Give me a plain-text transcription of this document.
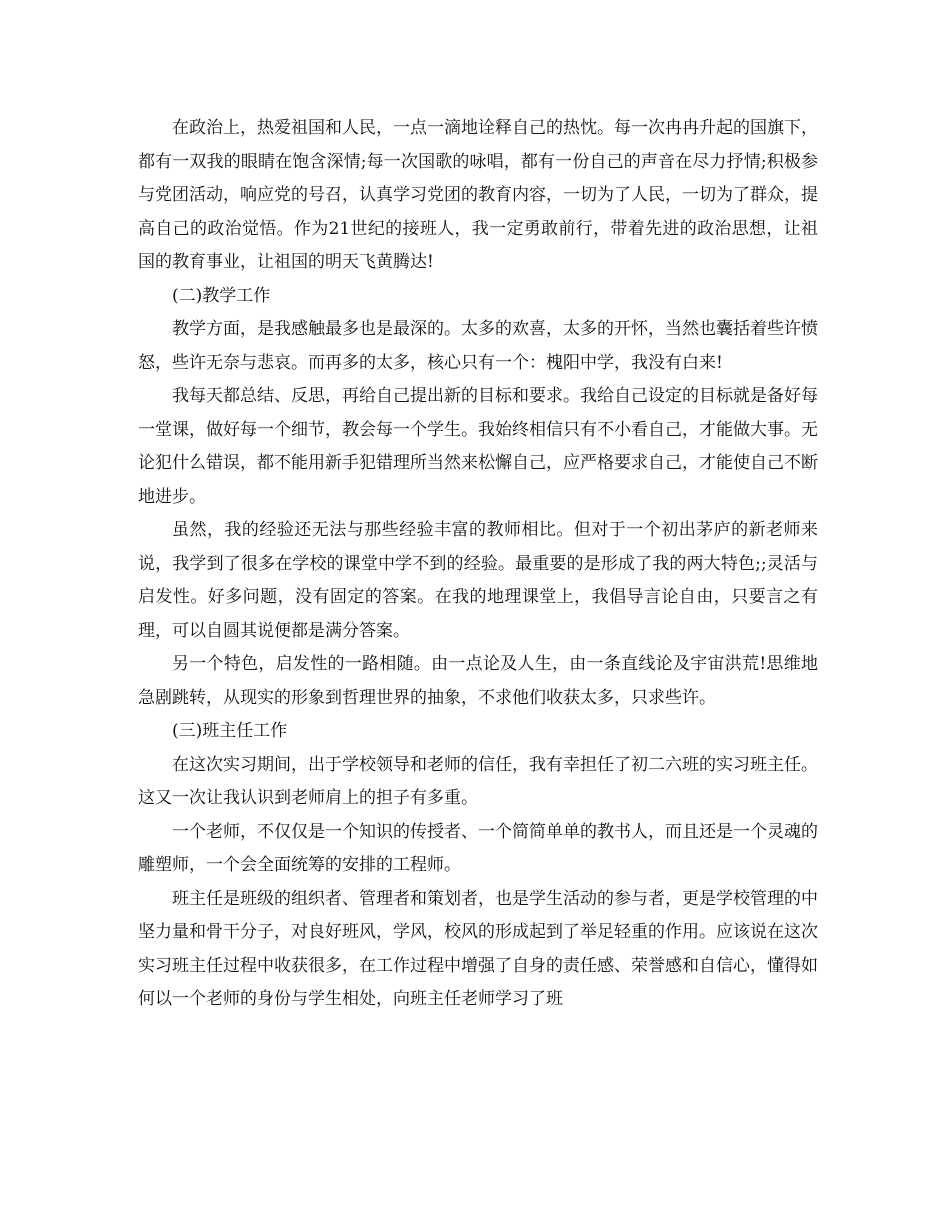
在政治上，热爱祖国和人民，一点一滴地诠释自己的热忱。每一次冉冉升起的国旗下，都有一双我的眼睛在饱含深情;每一次国歌的咏唱，都有一份自己的声音在尽力抒情;积极参与党团活动，响应党的号召，认真学习党团的教育内容，一切为了人民，一切为了群众，提高自己的政治觉悟。作为21世纪的接班人，我一定勇敢前行，带着先进的政治思想，让祖国的教育事业，让祖国的明天飞黄腾达!

(二)教学工作

教学方面，是我感触最多也是最深的。太多的欢喜，太多的开怀，当然也囊括着些许愤怒，些许无奈与悲哀。而再多的太多，核心只有一个：槐阳中学，我没有白来!

我每天都总结、反思，再给自己提出新的目标和要求。我给自己设定的目标就是备好每一堂课，做好每一个细节，教会每一个学生。我始终相信只有不小看自己，才能做大事。无论犯什么错误，都不能用新手犯错理所当然来松懈自己，应严格要求自己，才能使自己不断地进步。

虽然，我的经验还无法与那些经验丰富的教师相比。但对于一个初出茅庐的新老师来说，我学到了很多在学校的课堂中学不到的经验。最重要的是形成了我的两大特色;;灵活与启发性。好多问题，没有固定的答案。在我的地理课堂上，我倡导言论自由，只要言之有理，可以自圆其说便都是满分答案。

另一个特色，启发性的一路相随。由一点论及人生，由一条直线论及宇宙洪荒!思维地急剧跳转，从现实的形象到哲理世界的抽象，不求他们收获太多，只求些许。

(三)班主任工作

在这次实习期间，出于学校领导和老师的信任，我有幸担任了初二六班的实习班主任。这又一次让我认识到老师肩上的担子有多重。

一个老师，不仅仅是一个知识的传授者、一个简简单单的教书人，而且还是一个灵魂的雕塑师，一个会全面统筹的安排的工程师。

班主任是班级的组织者、管理者和策划者，也是学生活动的参与者，更是学校管理的中坚力量和骨干分子，对良好班风，学风，校风的形成起到了举足轻重的作用。应该说在这次实习班主任过程中收获很多，在工作过程中增强了自身的责任感、荣誉感和自信心，懂得如何以一个老师的身份与学生相处，向班主任老师学习了班
